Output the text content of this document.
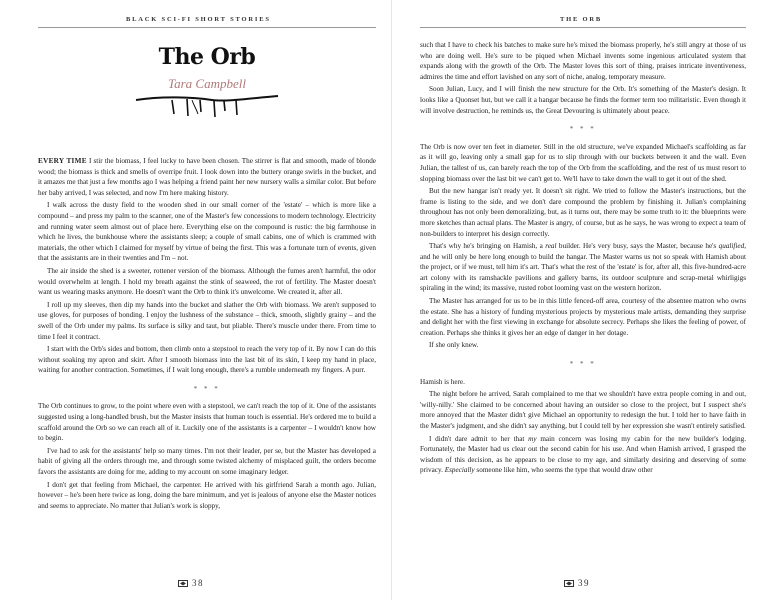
BLACK SCI-FI SHORT STORIES
The Orb
Tara Campbell

EVERY TIME I stir the biomass, I feel lucky to have been chosen. The stirrer is flat and smooth, made of blonde wood; the biomass is thick and smells of overripe fruit. I look down into the buttery orange swirls in the bucket, and it amazes me that just a few months ago I was helping a friend paint her new nursery walls a similar color. But before her baby arrived, I was selected, and now I'm here making history.

I walk across the dusty field to the wooden shed in our small corner of the 'estate' – which is more like a compound – and press my palm to the scanner, one of the Master's few concessions to modern technology. Electricity and running water seem almost out of place here. Everything else on the compound is rustic: the big farmhouse in which he lives, the bunkhouse where the assistants sleep; a couple of small cabins, one of which is crammed with materials, the other which I claimed for myself by virtue of being the first. This was a fortunate turn of events, given that the assistants are in their twenties and I'm – not.

The air inside the shed is a sweeter, rottener version of the biomass. Although the fumes aren't harmful, the odor would overwhelm at length. I hold my breath against the stink of seaweed, the rot of fertility. The Master doesn't want us wearing masks anymore. He doesn't want the Orb to think it's unwelcome. We created it, after all.

I roll up my sleeves, then dip my hands into the bucket and slather the Orb with biomass. We aren't supposed to use gloves, for purposes of bonding. I enjoy the lushness of the substance – thick, smooth, slightly grainy – and the swell of the Orb under my palms. Its surface is silky and taut, but pliable. There's muscle under there. From time to time I feel it contract.

I start with the Orb's sides and bottom, then climb onto a stepstool to reach the very top of it. By now I can do this without soaking my apron and skirt. After I smooth biomass into the last bit of its skin, I keep my hand in place, waiting for another contraction. Sometimes, if I wait long enough, there's a rumble underneath my fingers. A purr.

* * *

The Orb continues to grow, to the point where even with a stepstool, we can't reach the top of it. One of the assistants suggested using a long-handled brush, but the Master insists that human touch is essential. He's ordered me to build a scaffold around the Orb so we can reach all of it. Luckily one of the assistants is a carpenter – I wouldn't know how to begin.

I've had to ask for the assistants' help so many times. I'm not their leader, per se, but the Master has developed a habit of giving all the orders through me, and through some twisted alchemy of misplaced guilt, the orders become favors the assistants are doing for me, adding to my account on some imaginary ledger.

I don't get that feeling from Michael, the carpenter. He arrived with his girlfriend Sarah a month ago. Julian, however – he's been here twice as long, doing the bare minimum, and yet is jealous of anyone else the Master notices and seems to appreciate. No matter that Julian's work is sloppy,

38
THE ORB

such that I have to check his batches to make sure he's mixed the biomass properly, he's still angry at those of us who are doing well. He's sure to be piqued when Michael invents some ingenious articulated system that expands along with the growth of the Orb. The Master loves this sort of thing, praises intricate inventiveness, admires the time and effort lavished on any sort of niche, analog, temporary measure.

Soon Julian, Lucy, and I will finish the new structure for the Orb. It's something of the Master's design. It looks like a Quonset hut, but we call it a hangar because he finds the former term too militaristic. Even though it will involve destruction, he reminds us, the Great Devouring is ultimately about peace.

* * *

The Orb is now over ten feet in diameter. Still in the old structure, we've expanded Michael's scaffolding as far as it will go, leaving only a small gap for us to slip through with our buckets between it and the wall. Even Julian, the tallest of us, can barely reach the top of the Orb from the scaffolding, and the rest of us must resort to slopping biomass over the last bit we can't get to. We'll have to take down the wall to get it out of the shed.

But the new hangar isn't ready yet. It doesn't sit right. We tried to follow the Master's instructions, but the frame is listing to the side, and we don't dare compound the problem by finishing it. Julian's complaining throughout has not only been demoralizing, but, as it turns out, there may be some truth to it: the blueprints were more sketches than actual plans. The Master is angry, of course, but as he says, he was wrong to expect a team of non-builders to interpret his design correctly.

That's why he's bringing on Hamish, a real builder. He's very busy, says the Master, because he's qualified, and he will only be here long enough to build the hangar. The Master warns us not so speak with Hamish about the project, or if we must, tell him it's art. That's what the rest of the 'estate' is for, after all, this five-hundred-acre art colony with its ramshackle pavilions and gallery barns, its outdoor sculpture and scrap-metal whirligigs spiraling in the wind; its massive, rusted robot looming vast on the western horizon.

The Master has arranged for us to be in this little fenced-off area, courtesy of the absentee matron who owns the estate. She has a history of funding mysterious projects by mysterious male artists, demanding they surprise and delight her with the first viewing in exchange for absolute secrecy. Perhaps she likes the feeling of power, of creation. Perhaps she thinks it gives her an edge of danger in her dotage.

If she only knew.

* * *

Hamish is here.

The night before he arrived, Sarah complained to me that we shouldn't have extra people coming in and out, 'willy-nilly.' She claimed to be concerned about having an outsider so close to the project, but I suspect she's more annoyed that the Master didn't give Michael an opportunity to redesign the hut. I told her to have faith in the Master's judgment, and she didn't say anything, but I could tell by her expression she wasn't entirely satisfied.

I didn't dare admit to her that my main concern was losing my cabin for the new builder's lodging. Fortunately, the Master had us clear out the second cabin for his use. And when Hamish arrived, I grasped the wisdom of this decision, as he appears to be close to my age, and similarly desiring and deserving of some privacy. Especially someone like him, who seems the type that would draw other

39
